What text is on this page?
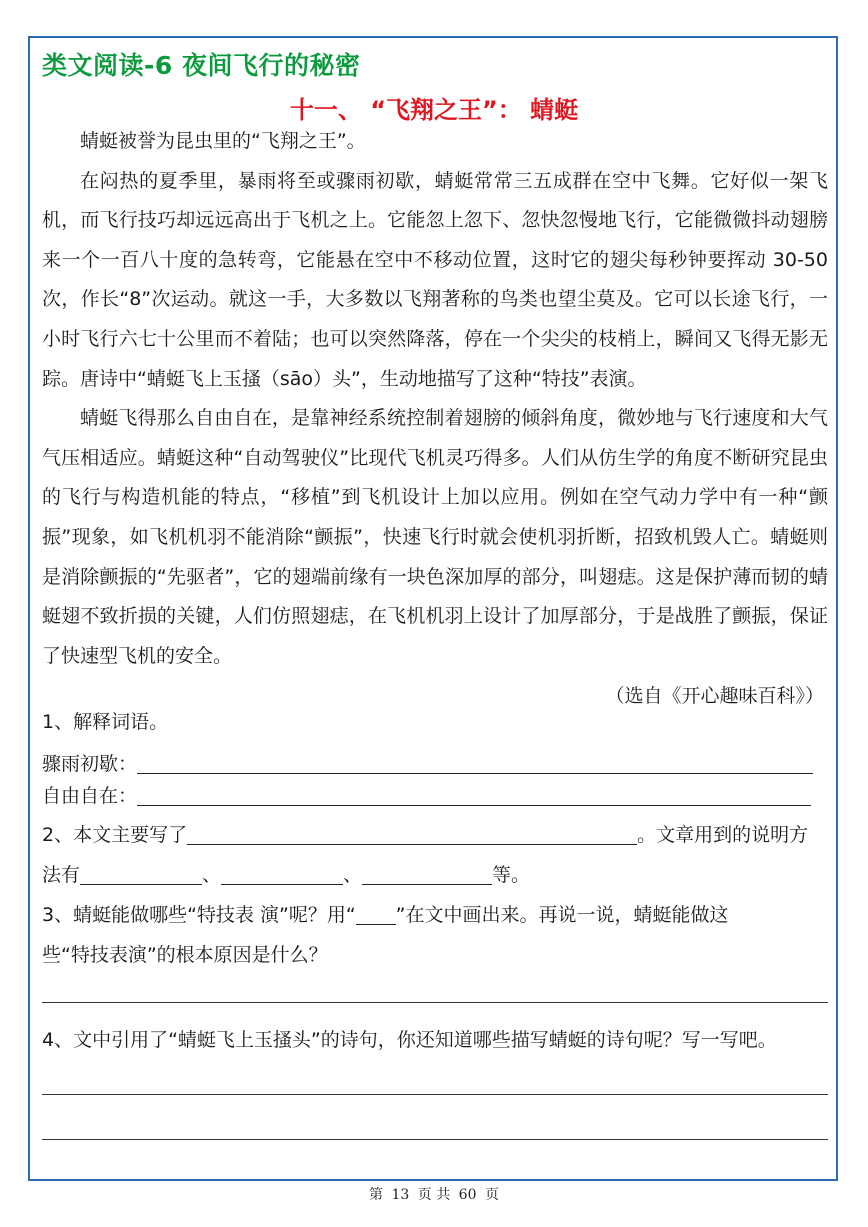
类文阅读-6 夜间飞行的秘密
十一、 “飞翔之王”： 蜻蜓

蜻蜓被誉为昆虫里的“飞翔之王”。

在闷热的夏季里，暴雨将至或骤雨初歇，蜻蜓常常三五成群在空中飞舞。它好似一架飞机，而飞行技巧却远远高出于飞机之上。它能忽上忽下、忽快忽慢地飞行，它能微微抖动翅膀来一个一百八十度的急转弯，它能悬在空中不移动位置，这时它的翅尖每秒钟要挥动 30-50 次，作长“8”次运动。就这一手，大多数以飞翔著称的鸟类也望尘莫及。它可以长途飞行，一小时飞行六七十公里而不着陆；也可以突然降落，停在一个尖尖的枝梢上，瞬间又飞得无影无踪。唐诗中“蜻蜓飞上玉搔（sāo）头”，生动地描写了这种“特技”表演。

蜻蜓飞得那么自由自在，是靠神经系统控制着翅膀的倾斜角度，微妙地与飞行速度和大气气压相适应。蜻蜓这种“自动驾驶仪”比现代飞机灵巧得多。人们从仿生学的角度不断研究昆虫的飞行与构造机能的特点，“移植”到飞机设计上加以应用。例如在空气动力学中有一种“颤振”现象，如飞机机羽不能消除“颤振”，快速飞行时就会使机羽折断，招致机毁人亡。蜻蜓则是消除颤振的“先驱者”，它的翅端前缘有一块色深加厚的部分，叫翅痣。这是保护薄而韧的蜻蜓翅不致折损的关键，人们仿照翅痣，在飞机机羽上设计了加厚部分，于是战胜了颤振，保证了快速型飞机的安全。

（选自《开心趣味百科》）

1、解释词语。

骤雨初歇：

自由自在：

2、本文主要写了	。文章用到的说明方

法有	、	、	等。

3、蜻蜓能做哪些“特技表 演”呢？用“ ”在文中画出来。再说一说，蜻蜓能做这

些“特技表演”的根本原因是什么？

4、文中引用了“蜻蜓飞上玉搔头”的诗句，你还知道哪些描写蜻蜓的诗句呢？写一写吧。

第 13 页 共 60 页
